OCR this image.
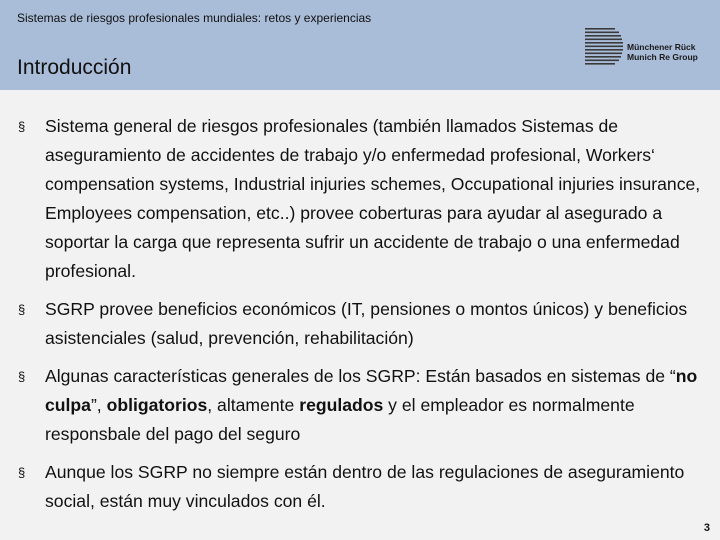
Sistemas de riesgos profesionales mundiales: retos y experiencias
Introducción
Münchener Rück
Munich Re Group
§ Sistema general de riesgos profesionales (también llamados Sistemas de aseguramiento de accidentes de trabajo y/o enfermedad profesional, Workers‘ compensation systems, Industrial injuries schemes, Occupational injuries insurance, Employees compensation, etc..) provee coberturas para ayudar al asegurado a soportar la carga que representa sufrir un accidente de trabajo o una enfermedad profesional.
§ SGRP provee beneficios económicos (IT, pensiones o montos únicos) y beneficios asistenciales (salud, prevención, rehabilitación)
§ Algunas características generales de los SGRP: Están basados en sistemas de “no culpa”, obligatorios, altamente regulados y el empleador es normalmente responsbale del pago del seguro
§ Aunque los SGRP no siempre están dentro de las regulaciones de aseguramiento social, están muy vinculados con él.
3
